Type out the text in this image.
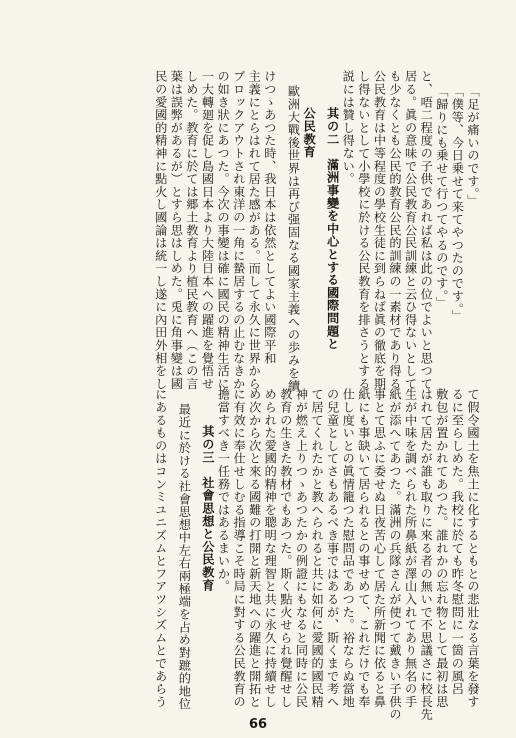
「足が痛いのです。」
「僕等、今日乗せて来てやつたのです。」
「歸りにも乗せて行つてやるのです。」
と、唔二程度の子供であれば私は此の位でよいと思つて
居る。眞の意味で公民教育公民訓練と云ひ得ないとして
も少なくとも公民的教育公民的訓練の一素材であり得る
公民教育は中等程度の學校生徒に到らねば眞の徹底を期
し得ないとして小學校に於ける公民教育を排さうとする
説には贊し得ない。
其の二　滿洲事變を中心とする國際問題と
公民教育
歐洲大戰後世界は再び强固なる國家主義への歩みを續
けつゝあつた時、我日本は依然としてよい國際平和
主義にとらはれて居た感がある。而して永久に世界から
ブロックアウトされ東洋の一角に蟄居するの止むなきか
の如き狀にあつた。今次の事變は確に國民の精神生活に
一大轉廻を促し島國日本より大陸日本への躍進を覺悟せ
しめた。教育に於ては郷土教育より植民教育へ（この言
葉は誤弊があるが）とすら思はしめた。兎に角事變は國
民の愛國的精神に點火し國論は統一し遂に內田外相をし
て假令國土を焦土に化するともとの悲壯なる言葉を發す
るに至らしめた。我校に於ても昨冬慰問に一箇の風呂
敷包が置かれてあつた。誰れかの忘れ物として最初は思
はれて居たが誰も取りに來る者の無いで不思議さに校長先
生が中味を調べられた所鼻紙が澤山入れてあり無名の手
紙が添へてあつた。滿洲の兵隊さんが使つて戴きい子供の
事とて思ふに委せぬ日夜苦心して居た所新聞に依ると鼻
紙にも事缺いて居られるとの事せめて、これだけでも奉
仕し度いとの眞情籠つた慰問品であつた。裕ならぬ當地
の兒童としてさもあるべき事ではあるが、斯くまで考へ
て居てくれたかと教へられると共に如何に愛國的國民精
神が燃え上りつゝあつたかの例證にもなると同時に公民
教育の生きた教材でもあつた。斯く點火せられ覺醒せし
められた愛國的精神を聰明な理智と共に永久に持續せし
め次から次と來る國難の打開と新天地への躍進と開拓と
に有效に奉仕せしむる指導こそ時局に對する公民教育の
擔當すべき一任務ではあるまいか。
其の三　社會思想と公民教育
最近に於ける社會思想中左右兩極端を占め對蹠的地位
にあるものはコンミユニズムとフアツシズムとであらう
66
